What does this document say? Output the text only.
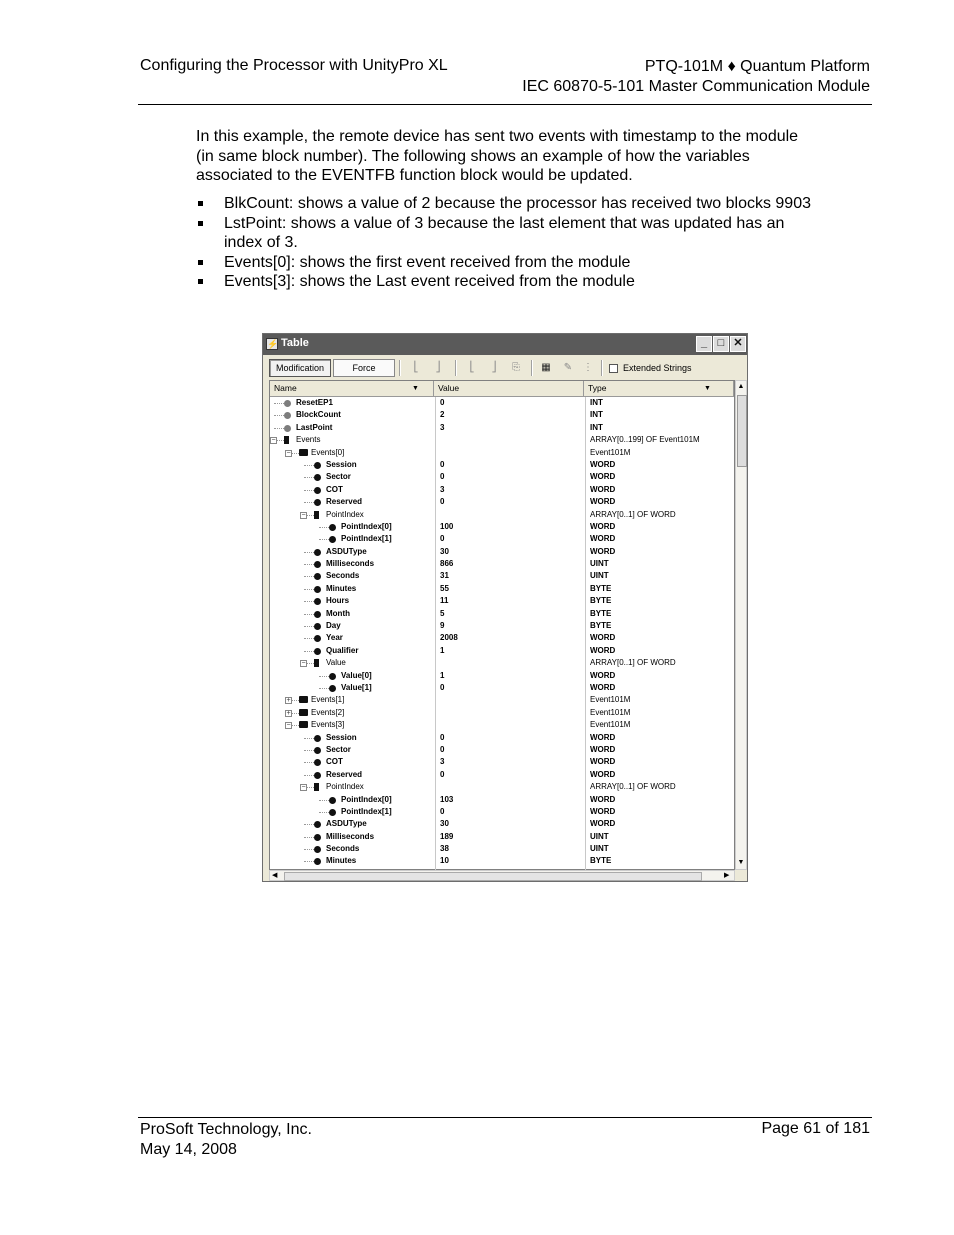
Configuring the Processor with UnityPro XL	PTQ-101M ♦ Quantum Platform
IEC 60870-5-101 Master Communication Module
In this example, the remote device has sent two events with timestamp to the module (in same block number). The following shows an example of how the variables associated to the EVENTFB function block would be updated.
BlkCount: shows a value of 2 because the processor has received two blocks 9903
LstPoint: shows a value of 3 because the last element that was updated has an index of 3.
Events[0]: shows the first event received from the module
Events[3]: shows the Last event received from the module
⚡ Table	_ □ ✕
Modification	Force	⎣	⎦	⎣	⎦	⎘	▦ ✎ ⋮	Extended Strings
Name	▼	Value	Type	▼
ResetEP1	0	INT
BlockCount	2	INT
LastPoint	3	INT
−	Events	ARRAY[0..199] OF Event101M
−	Events[0]	Event101M
Session	0	WORD
Sector	0	WORD
COT	3	WORD
Reserved	0	WORD
−	PointIndex	ARRAY[0..1] OF WORD
PointIndex[0]	100	WORD
PointIndex[1]	0	WORD
ASDUType	30	WORD
Milliseconds	866	UINT
Seconds	31	UINT
Minutes	55	BYTE
Hours	11	BYTE
Month	5	BYTE
Day	9	BYTE
Year	2008	WORD
Qualifier	1	WORD
−	Value	ARRAY[0..1] OF WORD
Value[0]	1	WORD
Value[1]	0	WORD
+	Events[1]	Event101M
+	Events[2]	Event101M
−	Events[3]	Event101M
Session	0	WORD
Sector	0	WORD
COT	3	WORD
Reserved	0	WORD
−	PointIndex	ARRAY[0..1] OF WORD
PointIndex[0]	103	WORD
PointIndex[1]	0	WORD
ASDUType	30	WORD
Milliseconds	189	UINT
Seconds	38	UINT
Minutes	10	BYTE
▲
▼
◀	▶
ProSoft Technology, Inc.
May 14, 2008
Page 61 of 181
